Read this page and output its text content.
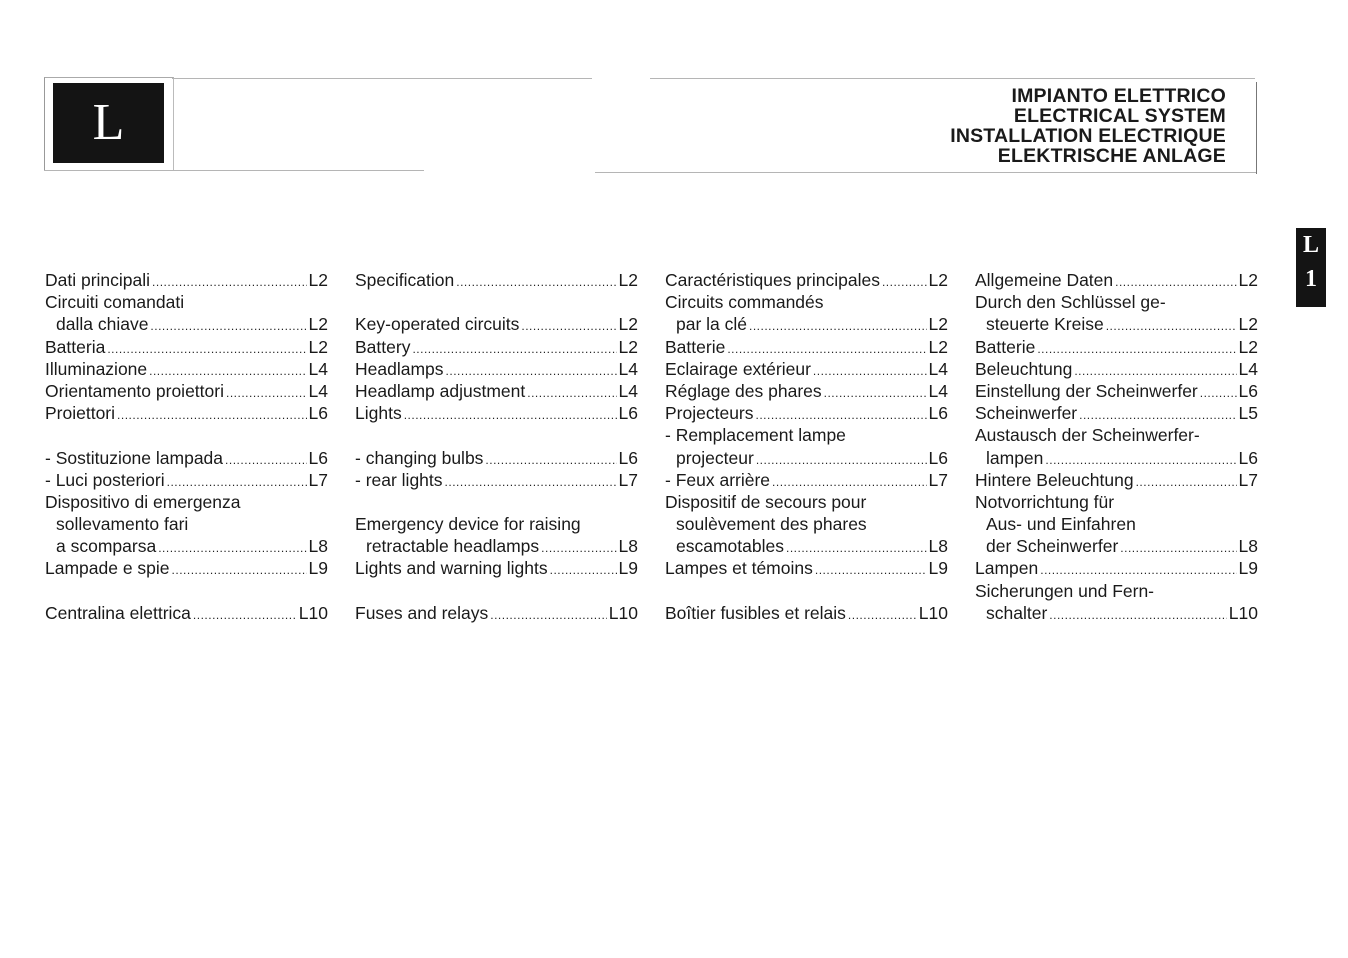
L	IMPIANTO ELETTRICO
ELECTRICAL SYSTEM
INSTALLATION ELECTRIQUE
ELEKTRISCHE ANLAGE
L
1
Dati principali .....	L2
Circuiti comandati
dalla chiave .....	L2
Batteria .....	L2
Illuminazione .....	L4
Orientamento proiettori .....	L4
Proiettori .....	L6
- Sostituzione lampada .....	L6
- Luci posteriori .....	L7
Dispositivo di emergenza
sollevamento fari
a scomparsa .....	L8
Lampade e spie .....	L9
Centralina elettrica .....	L10
Specification .....	L2
Key-operated circuits .....	L2
Battery .....	L2
Headlamps .....	L4
Headlamp adjustment .....	L4
Lights .....	L6
- changing bulbs .....	L6
- rear lights .....	L7
Emergency device for raising
retractable headlamps .....	L8
Lights and warning lights .....	L9
Fuses and relays .....	L10
Caractéristiques principales .....	L2
Circuits commandés
par la clé .....	L2
Batterie .....	L2
Eclairage extérieur .....	L4
Réglage des phares .....	L4
Projecteurs .....	L6
- Remplacement lampe
projecteur .....	L6
- Feux arrière .....	L7
Dispositif de secours pour
soulèvement des phares
escamotables .....	L8
Lampes et témoins .....	L9
Boîtier fusibles et relais .....	L10
Allgemeine Daten .....	L2
Durch den Schlüssel ge-
steuerte Kreise .....	L2
Batterie .....	L2
Beleuchtung .....	L4
Einstellung der Scheinwerfer ..... L6
Scheinwerfer .....	L5
Austausch der Scheinwerfer-
lampen .....	L6
Hintere Beleuchtung .....	L7
Notvorrichtung für
Aus- und Einfahren
der Scheinwerfer .....	L8
Lampen .....	L9
Sicherungen und Fern-
schalter .....	L10
